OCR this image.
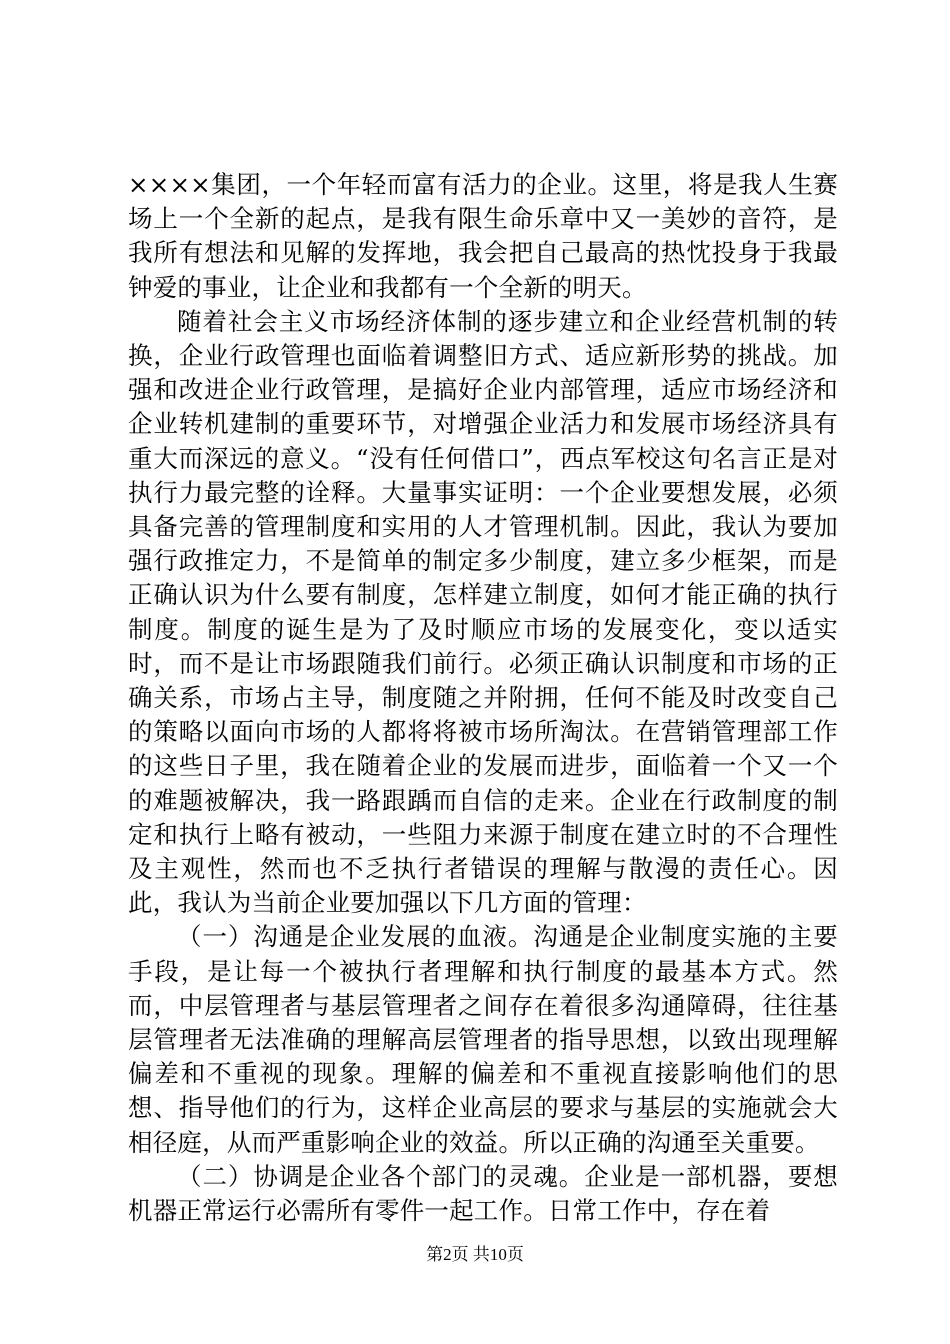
××××集团，一个年轻而富有活力的企业。这里，将是我人生赛场上一个全新的起点，是我有限生命乐章中又一美妙的音符，是我所有想法和见解的发挥地，我会把自己最高的热忱投身于我最钟爱的事业，让企业和我都有一个全新的明天。

随着社会主义市场经济体制的逐步建立和企业经营机制的转换，企业行政管理也面临着调整旧方式、适应新形势的挑战。加强和改进企业行政管理，是搞好企业内部管理，适应市场经济和企业转机建制的重要环节，对增强企业活力和发展市场经济具有重大而深远的意义。“没有任何借口”，西点军校这句名言正是对执行力最完整的诠释。大量事实证明：一个企业要想发展，必须具备完善的管理制度和实用的人才管理机制。因此，我认为要加强行政推定力，不是简单的制定多少制度，建立多少框架，而是正确认识为什么要有制度，怎样建立制度，如何才能正确的执行制度。制度的诞生是为了及时顺应市场的发展变化，变以适实时，而不是让市场跟随我们前行。必须正确认识制度和市场的正确关系，市场占主导，制度随之并附拥，任何不能及时改变自己的策略以面向市场的人都将将被市场所淘汰。在营销管理部工作的这些日子里，我在随着企业的发展而进步，面临着一个又一个的难题被解决，我一路跟踽而自信的走来。企业在行政制度的制定和执行上略有被动，一些阻力来源于制度在建立时的不合理性及主观性，然而也不乏执行者错误的理解与散漫的责任心。因此，我认为当前企业要加强以下几方面的管理：

（一）沟通是企业发展的血液。沟通是企业制度实施的主要手段，是让每一个被执行者理解和执行制度的最基本方式。然而，中层管理者与基层管理者之间存在着很多沟通障碍，往往基层管理者无法准确的理解高层管理者的指导思想，以致出现理解偏差和不重视的现象。理解的偏差和不重视直接影响他们的思想、指导他们的行为，这样企业高层的要求与基层的实施就会大相径庭，从而严重影响企业的效益。所以正确的沟通至关重要。

（二）协调是企业各个部门的灵魂。企业是一部机器，要想机器正常运行必需所有零件一起工作。日常工作中，存在着

第2页 共10页
